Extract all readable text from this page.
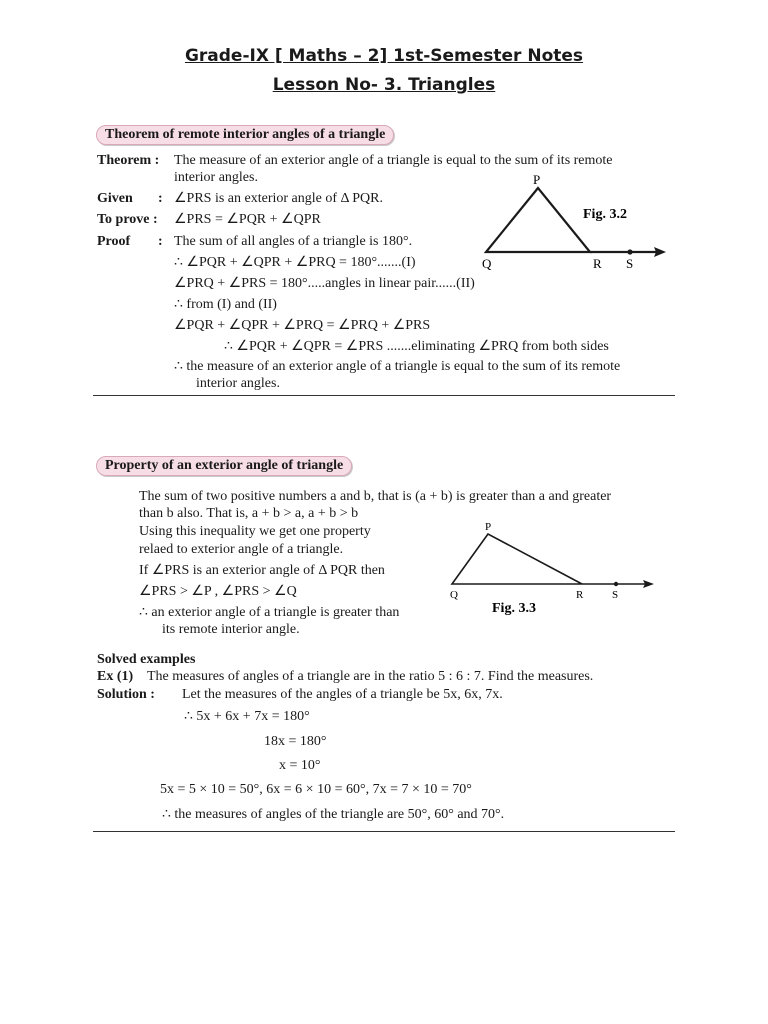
Grade-IX [ Maths – 2] 1st-Semester Notes
Lesson No- 3. Triangles
Theorem of remote interior angles of a triangle
Theorem : The measure of an exterior angle of a triangle is equal to the sum of its remote
interior angles.
Given : ∠PRS is an exterior angle of Δ PQR.
To prove : ∠PRS = ∠PQR + ∠QPR
Proof : The sum of all angles of a triangle is 180°.
∴ ∠PQR + ∠QPR + ∠PRQ = 180°.......(I)
∠PRQ + ∠PRS = 180°.....angles in linear pair......(II)
∴ from (I) and (II)
∠PQR + ∠QPR + ∠PRQ = ∠PRQ + ∠PRS
∴ ∠PQR + ∠QPR = ∠PRS .......eliminating ∠PRQ from both sides
∴ the measure of an exterior angle of a triangle is equal to the sum of its remote
interior angles.
P
Q	R S
Fig. 3.2
Property of an exterior angle of triangle
The sum of two positive numbers a and b, that is (a + b) is greater than a and greater
than b also. That is, a + b > a, a + b > b
Using this inequality we get one property
relaed to exterior angle of a triangle.
If ∠PRS is an exterior angle of Δ PQR then
∠PRS > ∠P , ∠PRS > ∠Q
∴ an exterior angle of a triangle is greater than
its remote interior angle.
P
Q	R	S
Fig. 3.3
Solved examples
Ex (1) The measures of angles of a triangle are in the ratio 5 : 6 : 7. Find the measures.
Solution : Let the measures of the angles of a triangle be 5x, 6x, 7x.
∴ 5x + 6x + 7x = 180°
18x = 180°
x = 10°
5x = 5 × 10 = 50°, 6x = 6 × 10 = 60°, 7x = 7 × 10 = 70°
∴ the measures of angles of the triangle are 50°, 60° and 70°.
